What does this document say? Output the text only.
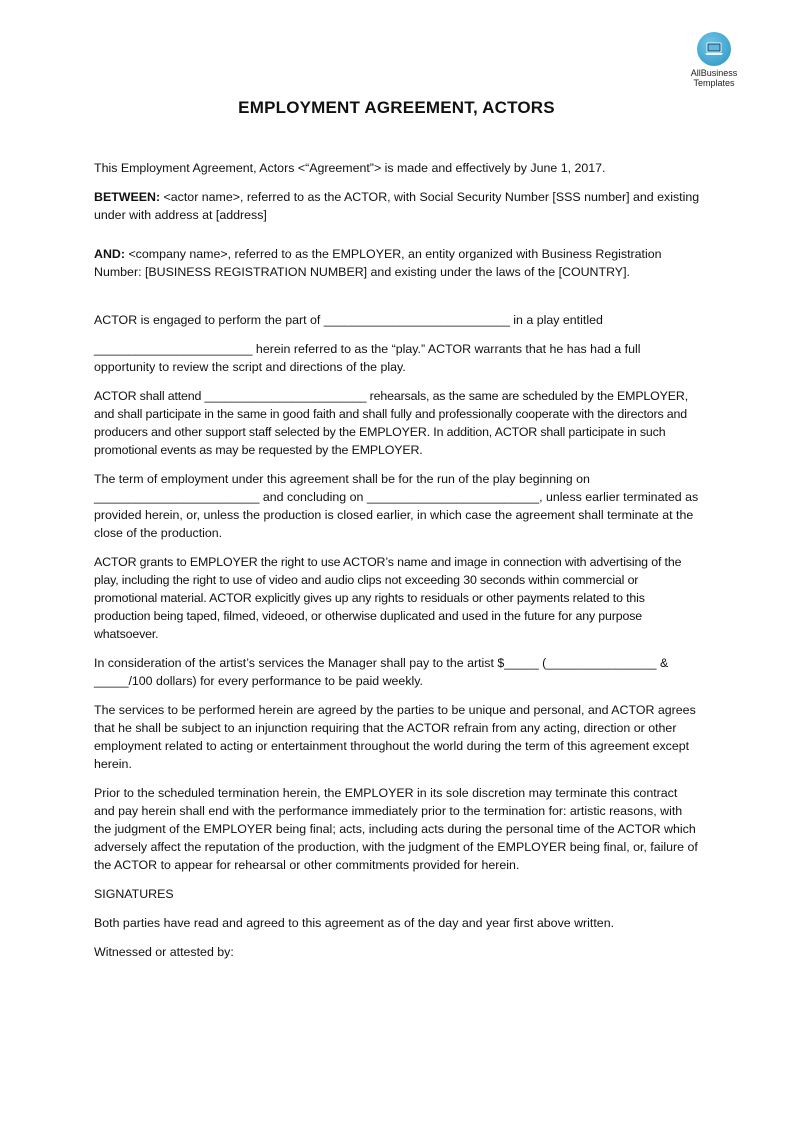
AllBusiness
Templates
EMPLOYMENT AGREEMENT, ACTORS

This Employment Agreement, Actors <“Agreement”> is made and effectively by June 1, 2017.

BETWEEN: <actor name>, referred to as the ACTOR, with Social Security Number [SSS number] and existing under with address at [address]

AND: <company name>, referred to as the EMPLOYER, an entity organized with Business Registration Number: [BUSINESS REGISTRATION NUMBER] and existing under the laws of the [COUNTRY].

ACTOR is engaged to perform the part of ___________________________ in a play entitled

_______________________ herein referred to as the “play.” ACTOR warrants that he has had a full opportunity to review the script and directions of the play.

ACTOR shall attend ________________________ rehearsals, as the same are scheduled by the EMPLOYER, and shall participate in the same in good faith and shall fully and professionally cooperate with the directors and producers and other support staff selected by the EMPLOYER. In addition, ACTOR shall participate in such promotional events as may be requested by the EMPLOYER.

The term of employment under this agreement shall be for the run of the play beginning on ________________________ and concluding on _________________________, unless earlier terminated as provided herein, or, unless the production is closed earlier, in which case the agreement shall terminate at the close of the production.

ACTOR grants to EMPLOYER the right to use ACTOR’s name and image in connection with advertising of the play, including the right to use of video and audio clips not exceeding 30 seconds within commercial or promotional material. ACTOR explicitly gives up any rights to residuals or other payments related to this production being taped, filmed, videoed, or otherwise duplicated and used in the future for any purpose whatsoever.

In consideration of the artist’s services the Manager shall pay to the artist $_____ (________________ & _____/100 dollars) for every performance to be paid weekly.

The services to be performed herein are agreed by the parties to be unique and personal, and ACTOR agrees that he shall be subject to an injunction requiring that the ACTOR refrain from any acting, direction or other employment related to acting or entertainment throughout the world during the term of this agreement except herein.

Prior to the scheduled termination herein, the EMPLOYER in its sole discretion may terminate this contract and pay herein shall end with the performance immediately prior to the termination for: artistic reasons, with the judgment of the EMPLOYER being final; acts, including acts during the personal time of the ACTOR which adversely affect the reputation of the production, with the judgment of the EMPLOYER being final, or, failure of the ACTOR to appear for rehearsal or other commitments provided for herein.

SIGNATURES

Both parties have read and agreed to this agreement as of the day and year first above written.

Witnessed or attested by:
